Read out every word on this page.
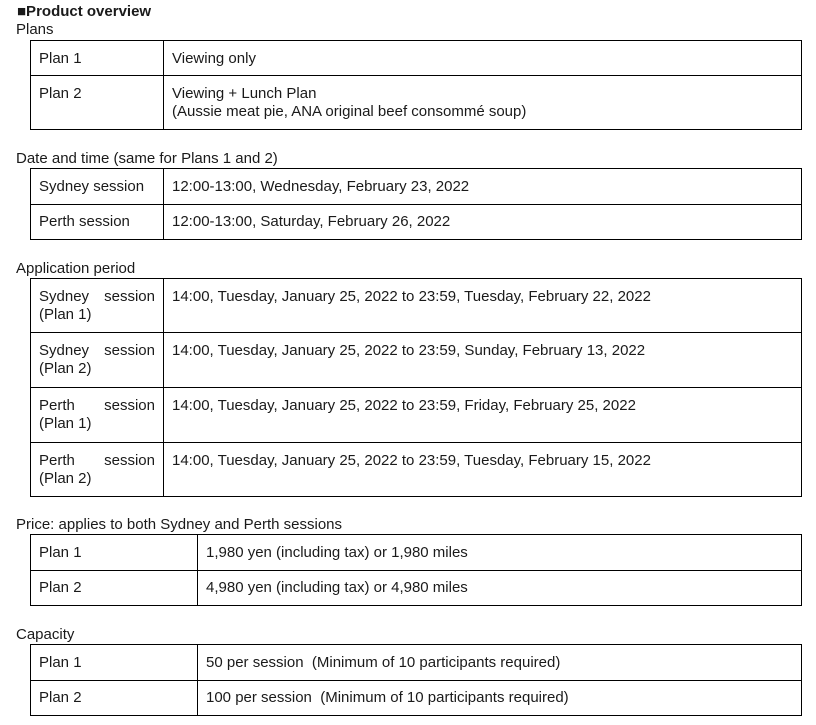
■Product overview
Plans
Plan 1	Viewing only

Plan 2	Viewing + Lunch Plan
(Aussie meat pie, ANA original beef consommé soup)
Date and time (same for Plans 1 and 2)
Sydney session	12:00-13:00, Wednesday, February 23, 2022
Perth session	12:00-13:00, Saturday, February 26, 2022
Application period
Sydney session
(Plan 1)	14:00, Tuesday, January 25, 2022 to 23:59, Tuesday, February 22, 2022

Sydney session
(Plan 2)	14:00, Tuesday, January 25, 2022 to 23:59, Sunday, February 13, 2022

Perth session
(Plan 1)	14:00, Tuesday, January 25, 2022 to 23:59, Friday, February 25, 2022

Perth session
(Plan 2)	14:00, Tuesday, January 25, 2022 to 23:59, Tuesday, February 15, 2022
Price: applies to both Sydney and Perth sessions
Plan 1	1,980 yen (including tax) or 1,980 miles
Plan 2	4,980 yen (including tax) or 4,980 miles
Capacity
Plan 1	50 per session  (Minimum of 10 participants required)
Plan 2	100 per session  (Minimum of 10 participants required)
